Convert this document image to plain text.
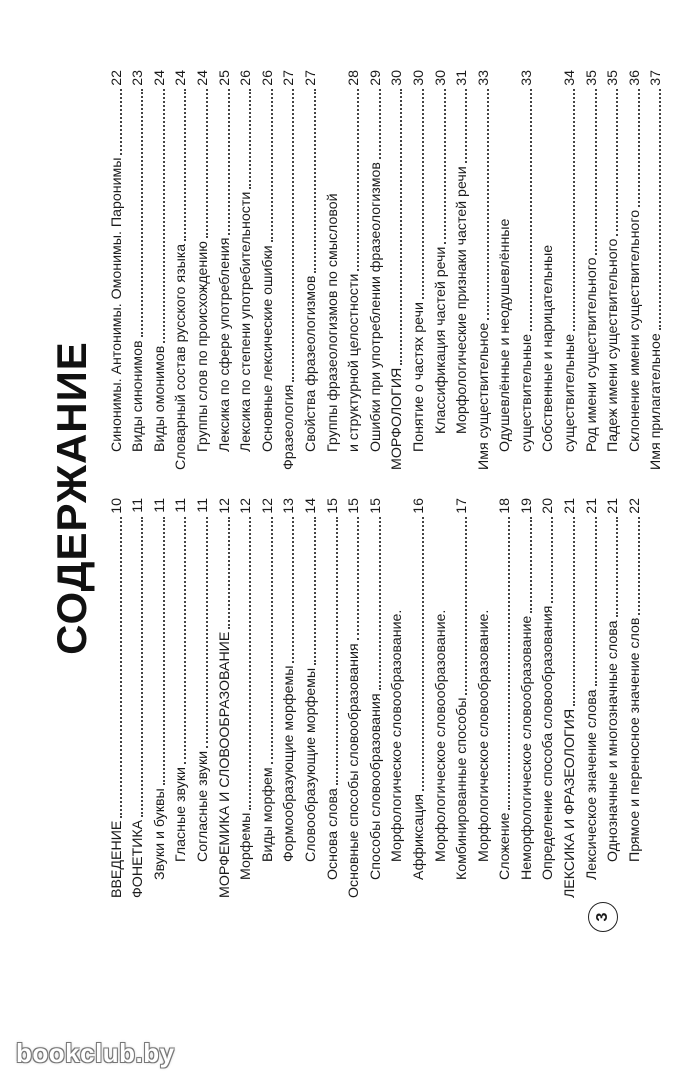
СОДЕРЖАНИЕ
ВВЕДЕНИЕ
10
ФОНЕТИКА
11
Звуки и буквы
11
Гласные звуки
11
Согласные звуки
11
МОРФЕМИКА И СЛОВООБРАЗОВАНИЕ
12
Морфемы
12
Виды морфем
12
Формообразующие морфемы
13
Словообразующие морфемы
14
Основа слова
15
Основные способы словообразования
15
Способы словообразования
15
Морфологическое словообразование. Аффиксация
16
Морфологическое словообразование. Комбинированные способы
17
Морфологическое словообразование. Сложение
18
Неморфологическое словообразование
19
Определение способа словообразования
20
ЛЕКСИКА И ФРАЗЕОЛОГИЯ
21
Лексическое значение слова
21
Однозначные и многозначные слова
21
Прямое и переносное значение слов
22
Синонимы. Антонимы. Омонимы. Паронимы
22
Виды синонимов
23
Виды омонимов
24
Словарный состав русского языка
24
Группы слов по происхождению
24
Лексика по сфере употребления
25
Лексика по степени употребительности
26
Основные лексические ошибки
26
Фразеология
27
Свойства фразеологизмов
27
Группы фразеологизмов по смысловой и структурной целостности
28
Ошибки при употреблении фразеологизмов
29
МОРФОЛОГИЯ
30
Понятие о частях речи
30
Классификация частей речи
30
Морфологические признаки частей речи
31
Имя существительное
33
Одушевлённые и неодушевлённые существительные
33
Собственные и нарицательные существительные
34
Род имени существительного
35
Падеж имени существительного
35
Склонение имени существительного
36
Имя прилагательное
37
3
bookclub.by
